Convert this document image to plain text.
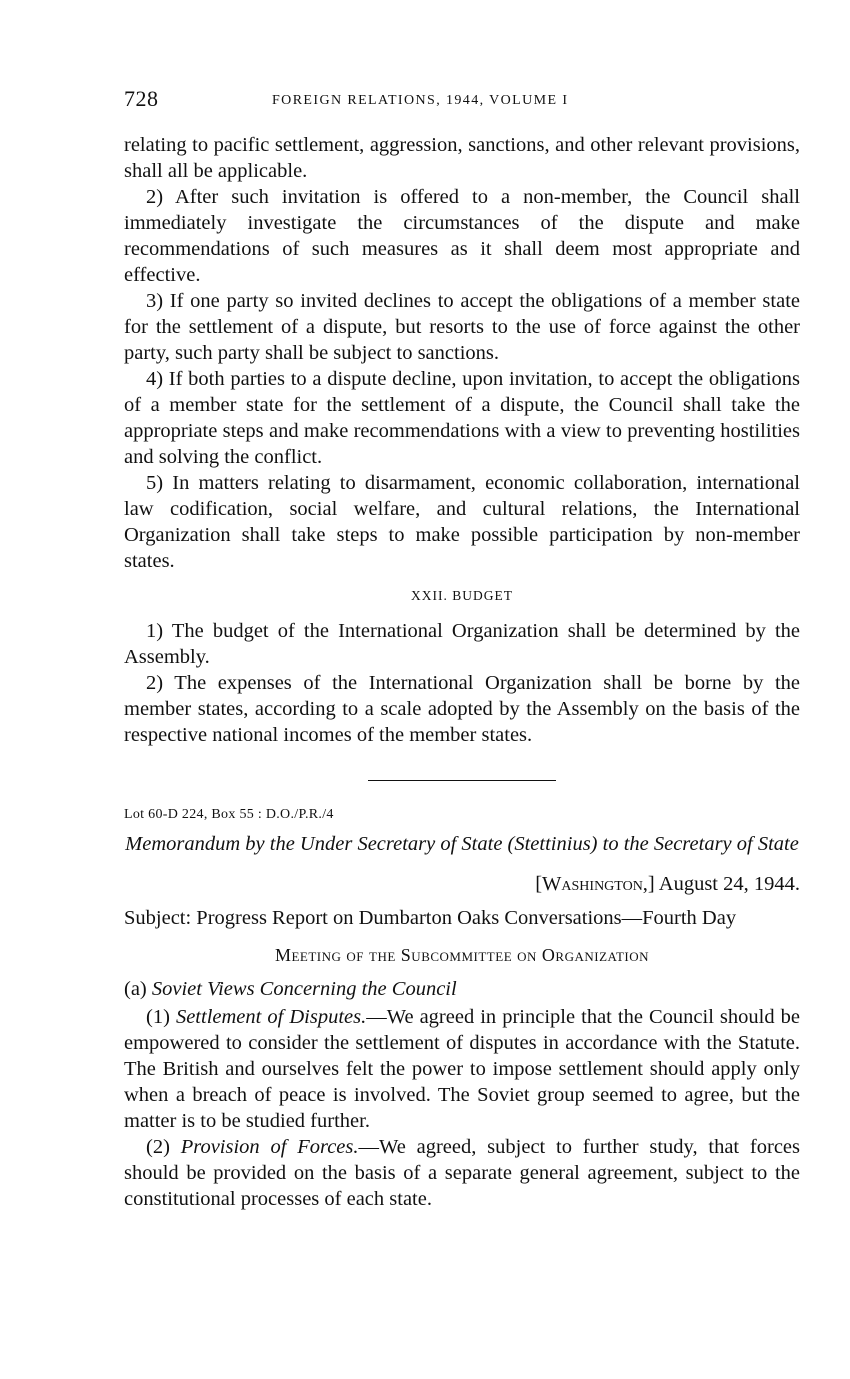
728	FOREIGN RELATIONS, 1944, VOLUME I

relating to pacific settlement, aggression, sanctions, and other relevant provisions, shall all be applicable.

2) After such invitation is offered to a non-member, the Council shall immediately investigate the circumstances of the dispute and make recommendations of such measures as it shall deem most appropriate and effective.

3) If one party so invited declines to accept the obligations of a member state for the settlement of a dispute, but resorts to the use of force against the other party, such party shall be subject to sanctions.

4) If both parties to a dispute decline, upon invitation, to accept the obligations of a member state for the settlement of a dispute, the Council shall take the appropriate steps and make recommendations with a view to preventing hostilities and solving the conflict.

5) In matters relating to disarmament, economic collaboration, international law codification, social welfare, and cultural relations, the International Organization shall take steps to make possible participation by non-member states.

XXII. BUDGET

1) The budget of the International Organization shall be determined by the Assembly.

2) The expenses of the International Organization shall be borne by the member states, according to a scale adopted by the Assembly on the basis of the respective national incomes of the member states.

Lot 60-D 224, Box 55 : D.O./P.R./4
Memorandum by the Under Secretary of State (Stettinius) to the Secretary of State
[Washington,] August 24, 1944.
Subject: Progress Report on Dumbarton Oaks Conversations—Fourth Day
Meeting of the Subcommittee on Organization
(a) Soviet Views Concerning the Council

(1) Settlement of Disputes.—We agreed in principle that the Council should be empowered to consider the settlement of disputes in accordance with the Statute. The British and ourselves felt the power to impose settlement should apply only when a breach of peace is involved. The Soviet group seemed to agree, but the matter is to be studied further.

(2) Provision of Forces.—We agreed, subject to further study, that forces should be provided on the basis of a separate general agreement, subject to the constitutional processes of each state.
